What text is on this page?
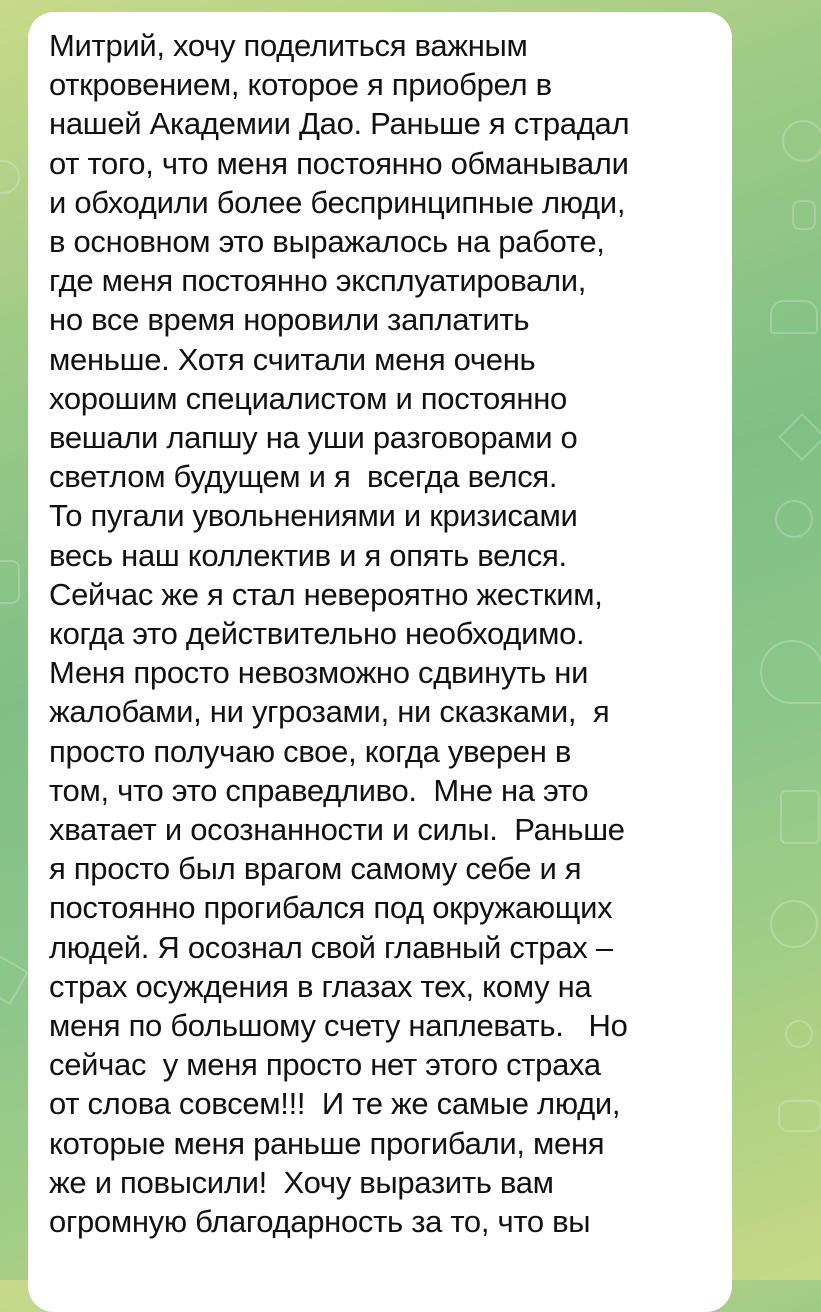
Митрий, хочу поделиться важным
откровением, которое я приобрел в
нашей Академии Дао. Раньше я страдал
от того, что меня постоянно обманывали
и обходили более беспринципные люди,
в основном это выражалось на работе,
где меня постоянно эксплуатировали,
но все время норовили заплатить
меньше. Хотя считали меня очень
хорошим специалистом и постоянно
вешали лапшу на уши разговорами о
светлом будущем и я  всегда велся.
То пугали увольнениями и кризисами
весь наш коллектив и я опять велся.
Сейчас же я стал невероятно жестким,
когда это действительно необходимо.
Меня просто невозможно сдвинуть ни
жалобами, ни угрозами, ни сказками,  я
просто получаю свое, когда уверен в
том, что это справедливо.  Мне на это
хватает и осознанности и силы.  Раньше
я просто был врагом самому себе и я
постоянно прогибался под окружающих
людей. Я осознал свой главный страх –
страх осуждения в глазах тех, кому на
меня по большому счету наплевать.   Но
сейчас  у меня просто нет этого страха
от слова совсем!!!  И те же самые люди,
которые меня раньше прогибали, меня
же и повысили!  Хочу выразить вам
огромную благодарность за то, что вы
